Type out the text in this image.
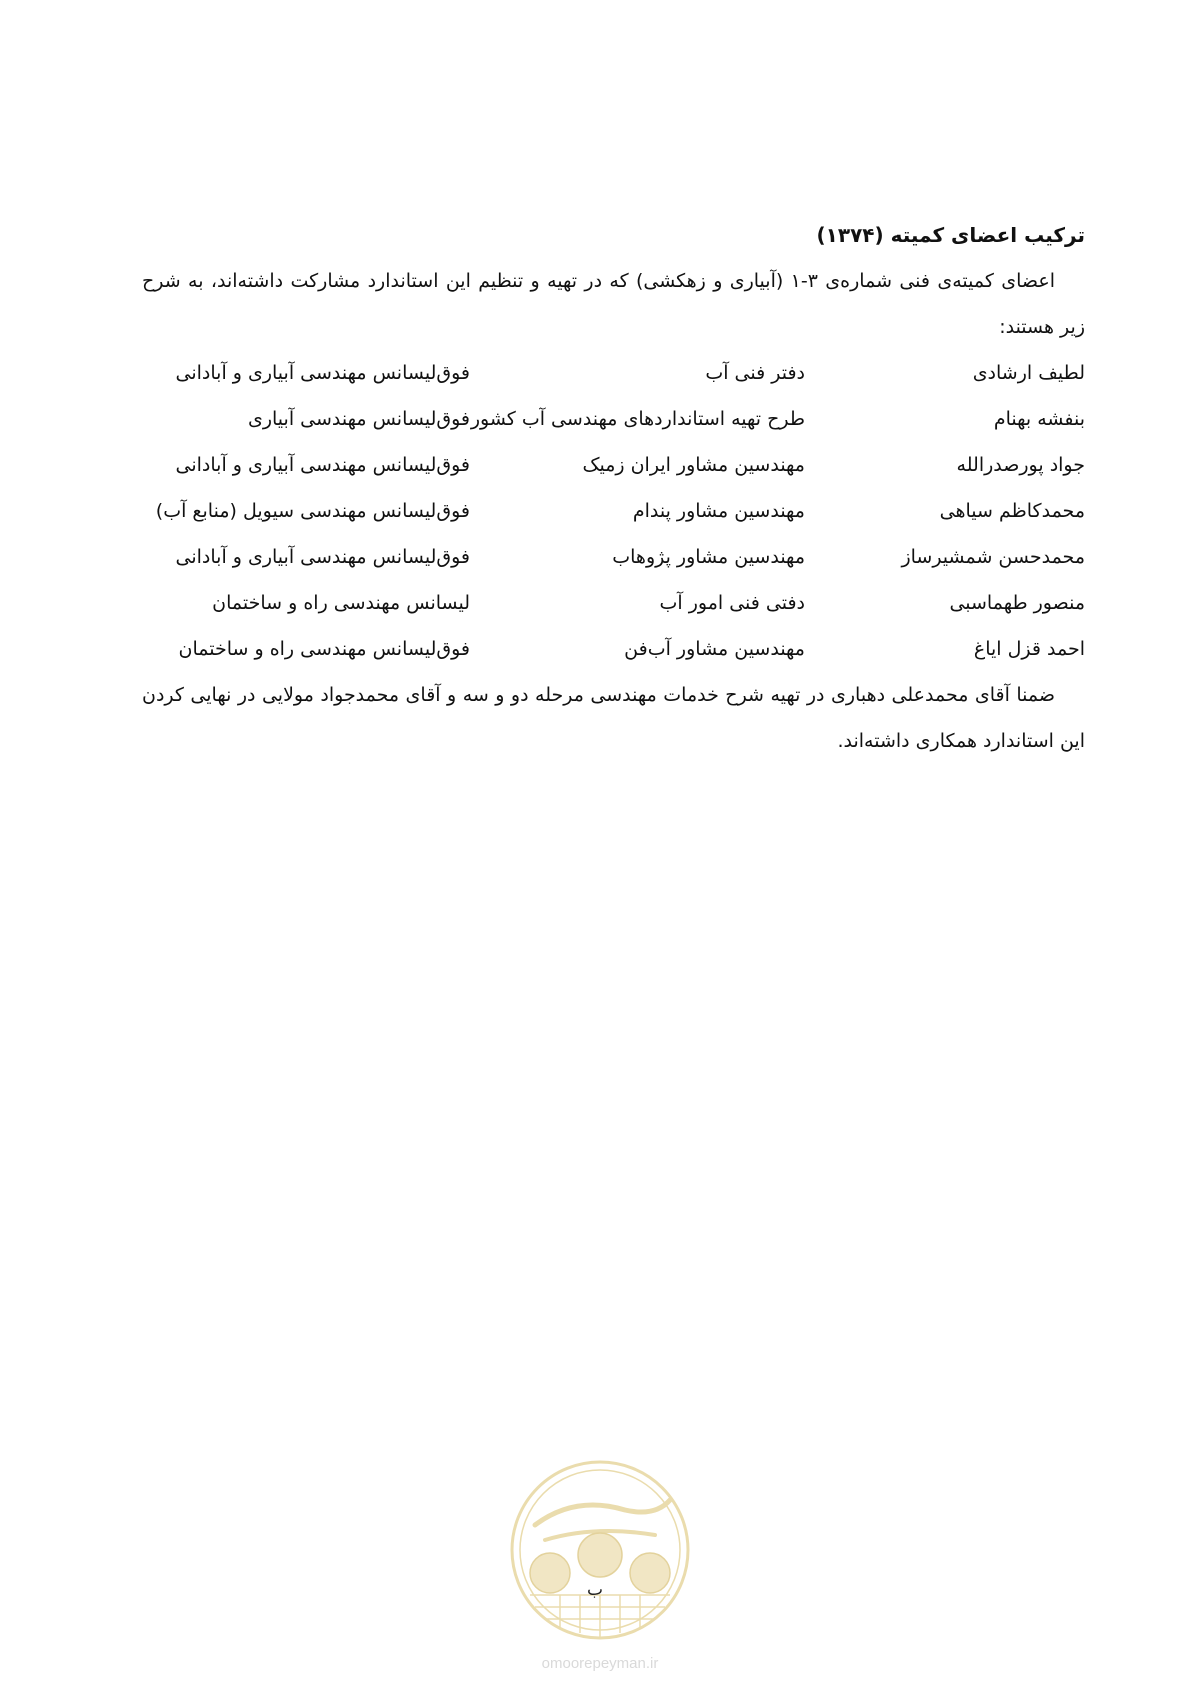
ترکیب اعضای کمیته (۱۳۷۴)

اعضای کمیته‌ی فنی شماره‌ی ۳-۱ (آبیاری و زهکشی) که در تهیه و تنظیم این استاندارد مشارکت داشته‌اند، به شرح زیر هستند:

لطیف ارشادی	دفتر فنی آب	فوق‌لیسانس مهندسی آبیاری و آبادانی
بنفشه بهنام	طرح تهیه استانداردهای مهندسی آب کشور	فوق‌لیسانس مهندسی آبیاری
جواد پورصدرالله	مهندسین مشاور ایران زمیک	فوق‌لیسانس مهندسی آبیاری و آبادانی
محمدکاظم سیاهی	مهندسین مشاور پندام	فوق‌لیسانس مهندسی سیویل (منابع آب)
محمدحسن شمشیرساز	مهندسین مشاور پژوهاب	فوق‌لیسانس مهندسی آبیاری و آبادانی
منصور طهماسبی	دفتی فنی امور آب	لیسانس مهندسی راه و ساختمان
احمد قزل ایاغ	مهندسین مشاور آب‌فن	فوق‌لیسانس مهندسی راه و ساختمان

ضمنا آقای محمدعلی دهباری در تهیه شرح خدمات مهندسی مرحله دو و سه و آقای محمدجواد مولایی در نهایی کردن این استاندارد همکاری داشته‌اند.

ب
omoorepeyman.ir
